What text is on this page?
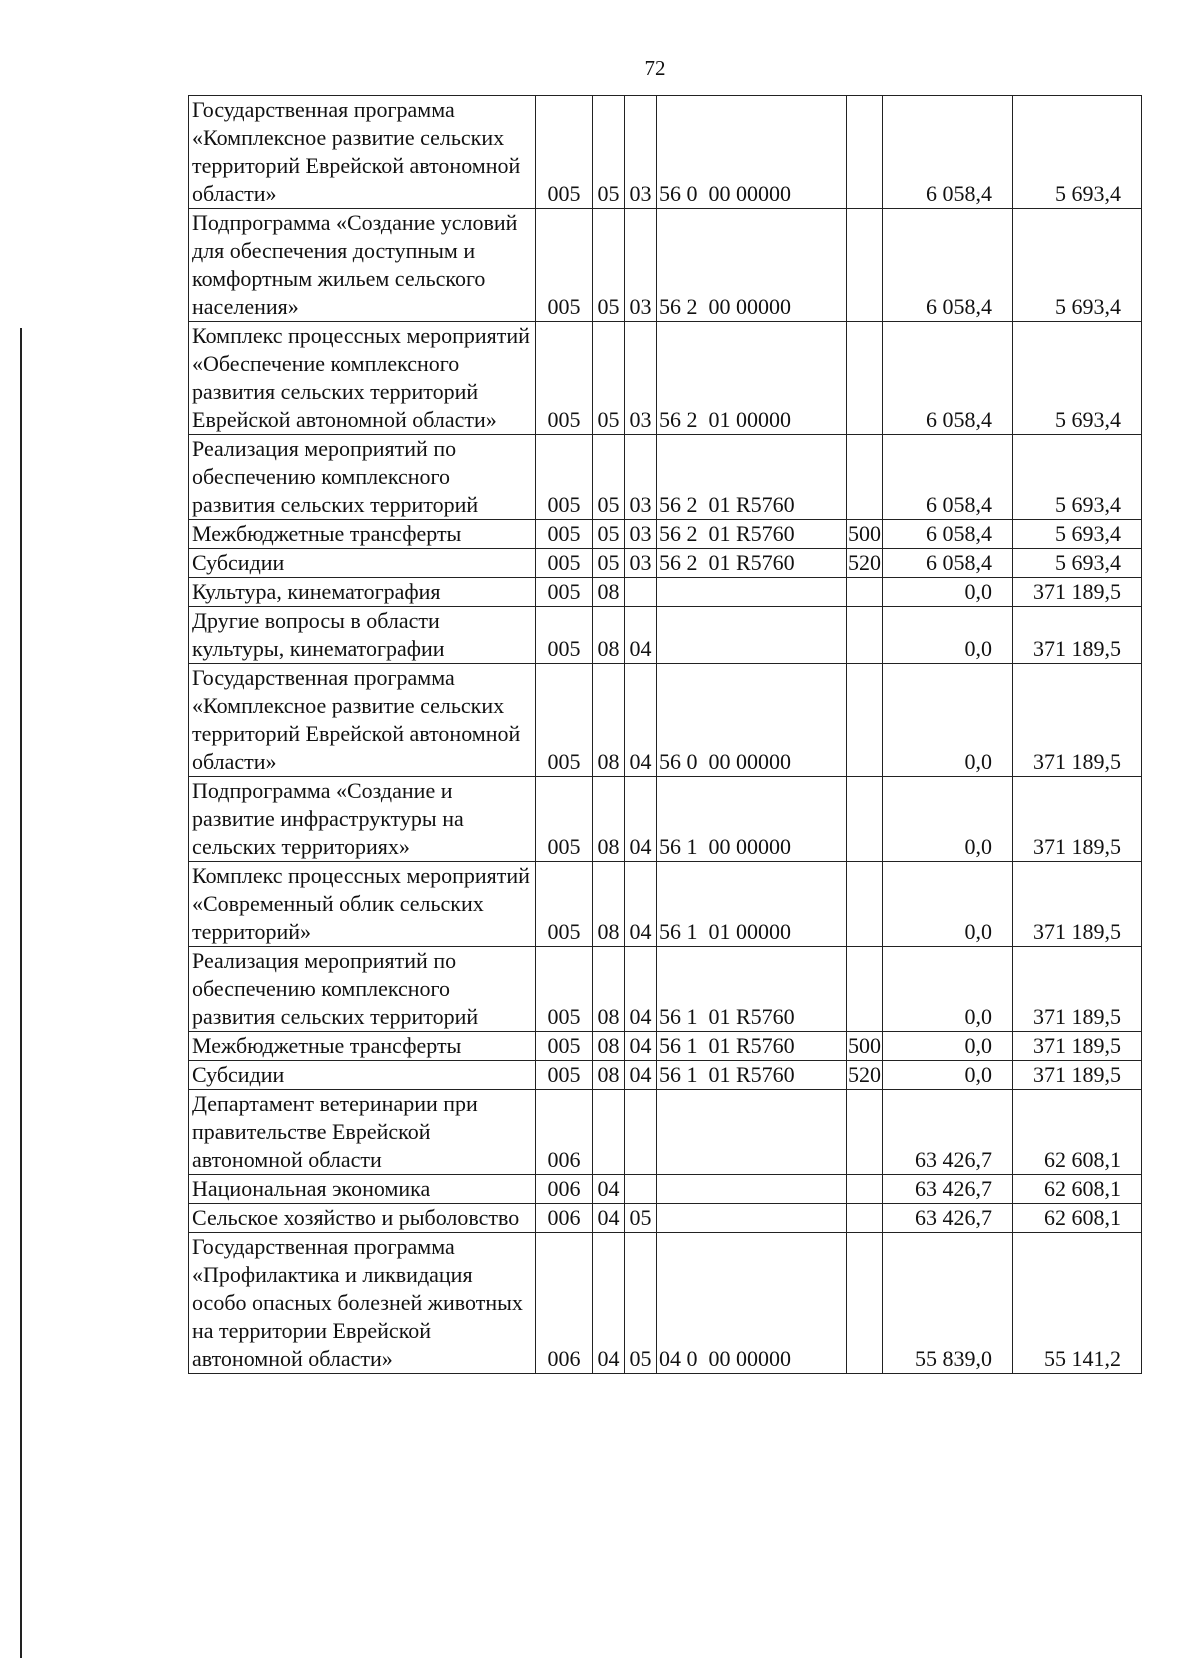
72
Государственная программа «Комплексное развитие сельских территорий Еврейской автономной области»	005	05	03	56 0  00 00000		6 058,4	5 693,4
Подпрограмма «Создание условий для обеспечения доступным и комфортным жильем сельского населения»	005	05	03	56 2  00 00000		6 058,4	5 693,4
Комплекс процессных мероприятий «Обеспечение комплексного развития сельских территорий Еврейской автономной области»	005	05	03	56 2  01 00000		6 058,4	5 693,4
Реализация мероприятий по обеспечению комплексного развития сельских территорий	005	05	03	56 2  01 R5760		6 058,4	5 693,4
Межбюджетные трансферты	005	05	03	56 2  01 R5760	500	6 058,4	5 693,4
Субсидии	005	05	03	56 2  01 R5760	520	6 058,4	5 693,4
Культура, кинематография	005	08				0,0	371 189,5
Другие вопросы в области культуры, кинематографии	005	08	04			0,0	371 189,5
Государственная программа «Комплексное развитие сельских территорий Еврейской автономной области»	005	08	04	56 0  00 00000		0,0	371 189,5
Подпрограмма «Создание и развитие инфраструктуры на сельских территориях»	005	08	04	56 1  00 00000		0,0	371 189,5
Комплекс процессных мероприятий «Современный облик сельских территорий»	005	08	04	56 1  01 00000		0,0	371 189,5
Реализация мероприятий по обеспечению комплексного развития сельских территорий	005	08	04	56 1  01 R5760		0,0	371 189,5
Межбюджетные трансферты	005	08	04	56 1  01 R5760	500	0,0	371 189,5
Субсидии	005	08	04	56 1  01 R5760	520	0,0	371 189,5
Департамент ветеринарии при правительстве Еврейской автономной области	006					63 426,7	62 608,1
Национальная экономика	006	04				63 426,7	62 608,1
Сельское хозяйство и рыболовство	006	04	05			63 426,7	62 608,1
Государственная программа «Профилактика и ликвидация особо опасных болезней животных на территории Еврейской автономной области»	006	04	05	04 0  00 00000		55 839,0	55 141,2
